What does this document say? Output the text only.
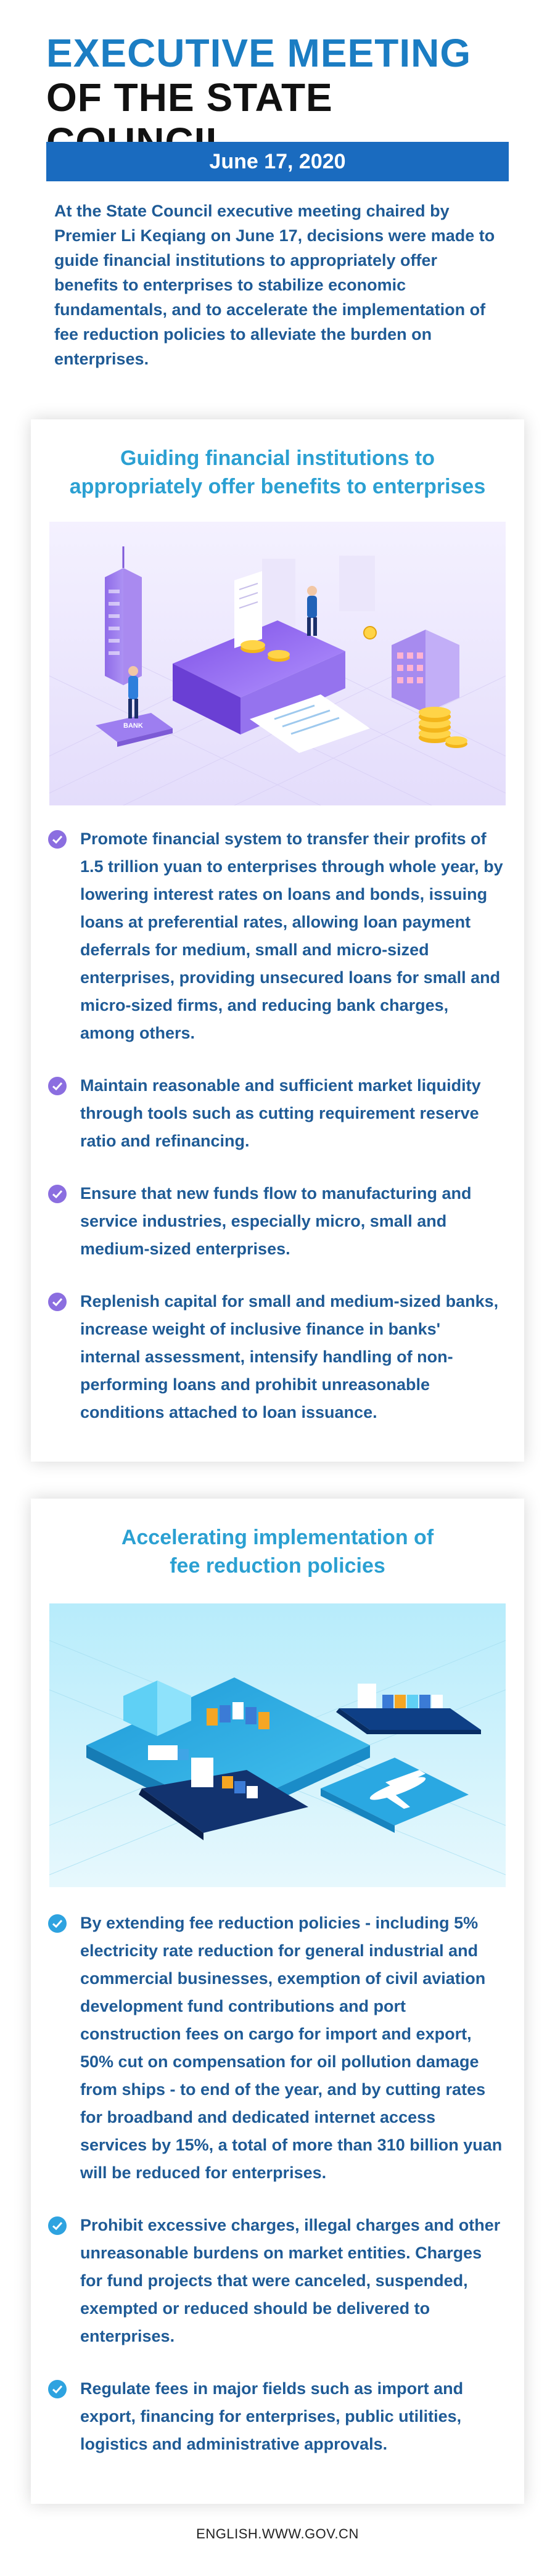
EXECUTIVE MEETING
OF THE STATE
June 17, 2020

At the State Council executive meeting chaired by Premier Li Keqiang on June 17, decisions were made to guide financial institutions to appropriately offer benefits to enterprises to stabilize economic fundamentals, and to accelerate the implementation of fee reduction policies to alleviate the burden on enterprises.

Guiding financial institutions to
appropriately offer benefits to enterprises
BANK
Promote financial system to transfer their profits of 1.5 trillion yuan to enterprises through whole year, by lowering interest rates on loans and bonds, issuing loans at preferential rates, allowing loan payment deferrals for medium, small and micro-sized enterprises, providing unsecured loans for small and micro-sized firms, and reducing bank charges, among others.
Maintain reasonable and sufficient market liquidity through tools such as cutting requirement reserve ratio and refinancing.
Ensure that new funds flow to manufacturing and service industries, especially micro, small and medium-sized enterprises.
Replenish capital for small and medium-sized banks, increase weight of inclusive finance in banks' internal assessment, intensify handling of non-performing loans and prohibit unreasonable conditions attached to loan issuance.
Accelerating implementation of
fee reduction policies
By extending fee reduction policies - including 5% electricity rate reduction for general industrial and commercial businesses, exemption of civil aviation development fund contributions and port construction fees on cargo for import and export, 50% cut on compensation for oil pollution damage from ships - to end of the year, and by cutting rates for broadband and dedicated internet access services by 15%, a total of more than 310 billion yuan will be reduced for enterprises.
Prohibit excessive charges, illegal charges and other unreasonable burdens on market entities. Charges for fund projects that were canceled, suspended, exempted or reduced should be delivered to enterprises.
Regulate fees in major fields such as import and export, financing for enterprises, public utilities, logistics and administrative approvals.
ENGLISH.WWW.GOV.CN
